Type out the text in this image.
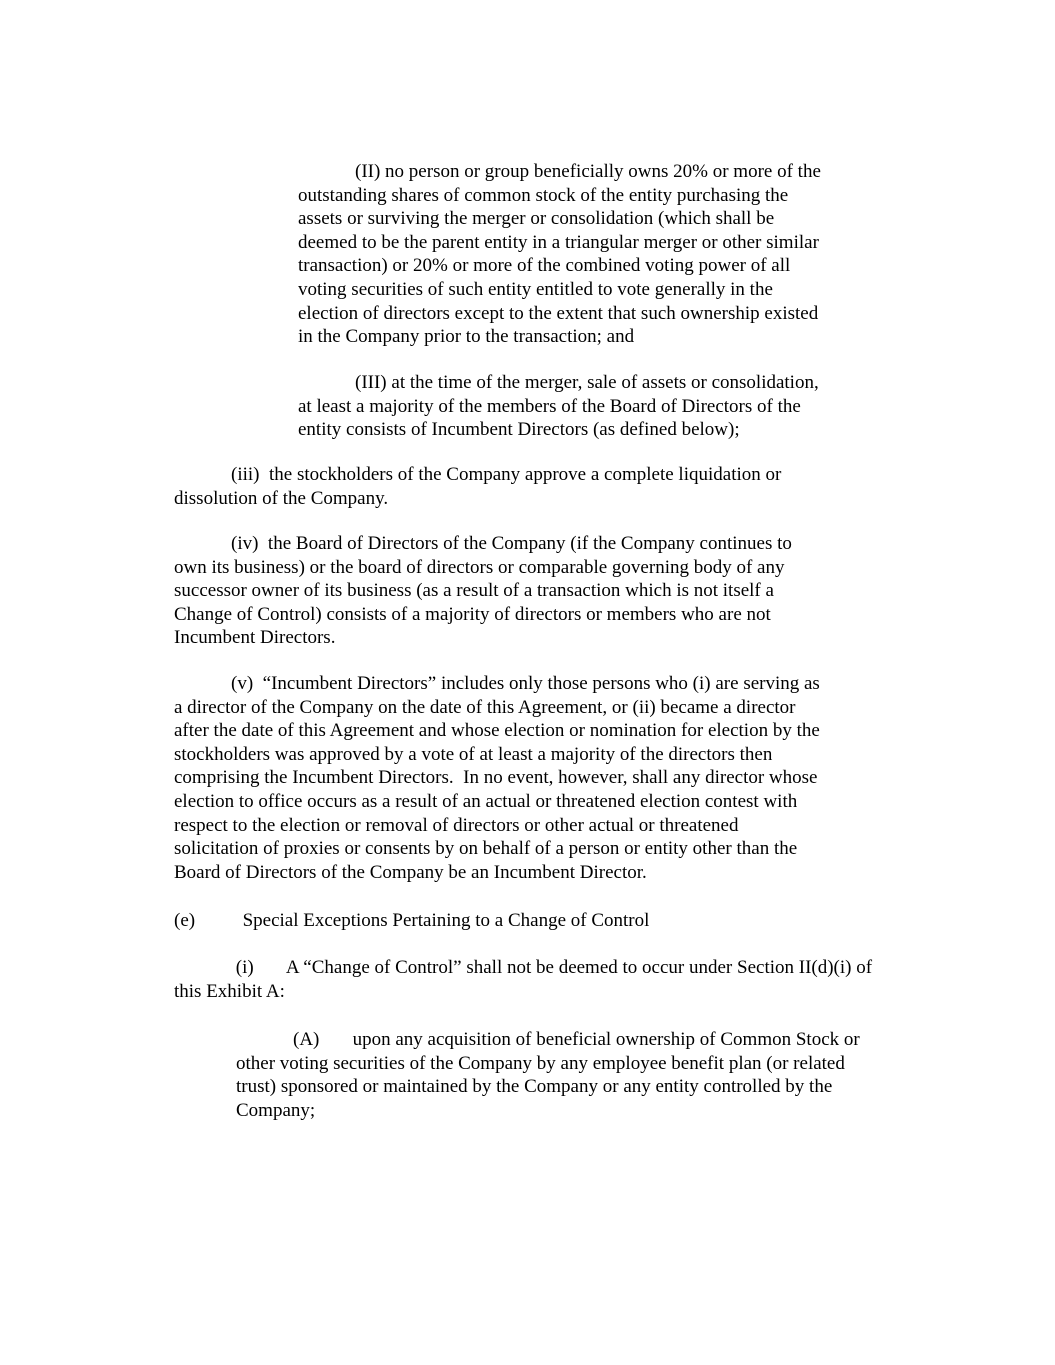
(II) no person or group beneficially owns 20% or more of the
outstanding shares of common stock of the entity purchasing the
assets or surviving the merger or consolidation (which shall be
deemed to be the parent entity in a triangular merger or other similar
transaction) or 20% or more of the combined voting power of all
voting securities of such entity entitled to vote generally in the
election of directors except to the extent that such ownership existed
in the Company prior to the transaction; and
(III) at the time of the merger, sale of assets or consolidation,
at least a majority of the members of the Board of Directors of the
entity consists of Incumbent Directors (as defined below);
(iii)  the stockholders of the Company approve a complete liquidation or
dissolution of the Company.
(iv)  the Board of Directors of the Company (if the Company continues to
own its business) or the board of directors or comparable governing body of any
successor owner of its business (as a result of a transaction which is not itself a
Change of Control) consists of a majority of directors or members who are not
Incumbent Directors.
(v)  “Incumbent Directors” includes only those persons who (i) are serving as
a director of the Company on the date of this Agreement, or (ii) became a director
after the date of this Agreement and whose election or nomination for election by the
stockholders was approved by a vote of at least a majority of the directors then
comprising the Incumbent Directors.  In no event, however, shall any director whose
election to office occurs as a result of an actual or threatened election contest with
respect to the election or removal of directors or other actual or threatened
solicitation of proxies or consents by on behalf of a person or entity other than the
Board of Directors of the Company be an Incumbent Director.
(e)          Special Exceptions Pertaining to a Change of Control
(i)       A “Change of Control” shall not be deemed to occur under Section II(d)(i) of
this Exhibit A:
(A)       upon any acquisition of beneficial ownership of Common Stock or
other voting securities of the Company by any employee benefit plan (or related
trust) sponsored or maintained by the Company or any entity controlled by the
Company;
